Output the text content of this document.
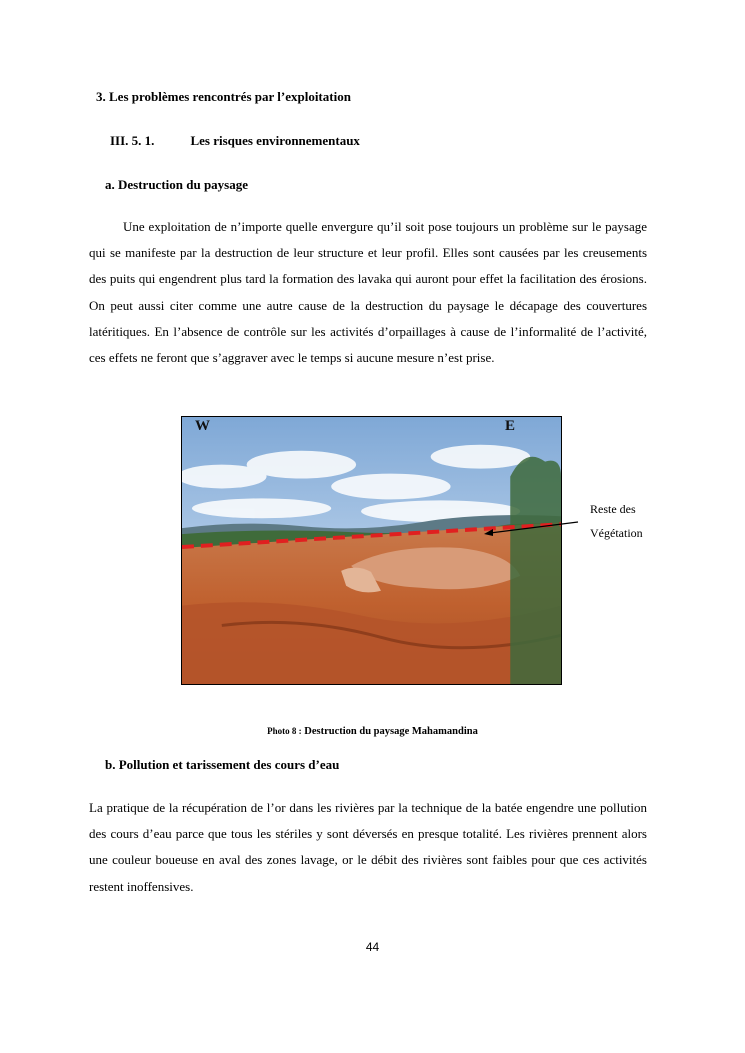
3. Les problèmes rencontrés par l’exploitation
III. 5. 1.	Les risques environnementaux
a. Destruction du paysage
Une exploitation de n’importe quelle envergure qu’il soit pose toujours un problème sur le paysage qui se manifeste par la destruction de leur structure et leur profil. Elles sont causées par les creusements des puits qui engendrent plus tard la formation des lavaka qui auront pour effet la facilitation des érosions. On peut aussi citer comme une autre cause de la destruction du paysage le décapage des couvertures latéritiques. En l’absence de contrôle sur les activités d’orpaillages à cause de l’informalité de l’activité, ces effets ne feront que s’aggraver avec le temps si aucune mesure n’est prise.
W	E
Reste des
Végétation
Photo 8 : Destruction du paysage Mahamandina
b. Pollution et tarissement des cours d’eau
La pratique de la récupération de l’or dans les rivières par la technique de la batée engendre une pollution des cours d’eau parce que tous les stériles y sont déversés en presque totalité. Les rivières prennent alors une couleur boueuse en aval des zones lavage, or le débit des rivières sont faibles pour que ces activités restent inoffensives.
44
